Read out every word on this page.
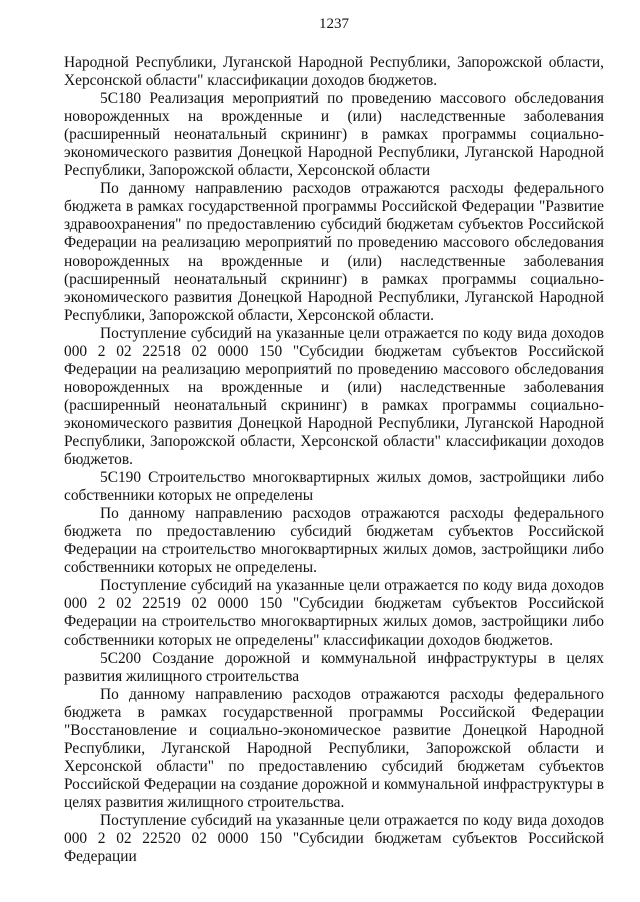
1237

Народной Республики, Луганской Народной Республики, Запорожской области, Херсонской области" классификации доходов бюджетов.

5С180 Реализация мероприятий по проведению массового обследования новорожденных на врожденные и (или) наследственные заболевания (расширенный неонатальный скрининг) в рамках программы социально-экономического развития Донецкой Народной Республики, Луганской Народной Республики, Запорожской области, Херсонской области

По данному направлению расходов отражаются расходы федерального бюджета в рамках государственной программы Российской Федерации "Развитие здравоохранения" по предоставлению субсидий бюджетам субъектов Российской Федерации на реализацию мероприятий по проведению массового обследования новорожденных на врожденные и (или) наследственные заболевания (расширенный неонатальный скрининг) в рамках программы социально-экономического развития Донецкой Народной Республики, Луганской Народной Республики, Запорожской области, Херсонской области.

Поступление субсидий на указанные цели отражается по коду вида доходов 000 2 02 22518 02 0000 150 "Субсидии бюджетам субъектов Российской Федерации на реализацию мероприятий по проведению массового обследования новорожденных на врожденные и (или) наследственные заболевания (расширенный неонатальный скрининг) в рамках программы социально-экономического развития Донецкой Народной Республики, Луганской Народной Республики, Запорожской области, Херсонской области" классификации доходов бюджетов.

5С190 Строительство многоквартирных жилых домов, застройщики либо собственники которых не определены

По данному направлению расходов отражаются расходы федерального бюджета по предоставлению субсидий бюджетам субъектов Российской Федерации на строительство многоквартирных жилых домов, застройщики либо собственники которых не определены.

Поступление субсидий на указанные цели отражается по коду вида доходов 000 2 02 22519 02 0000 150 "Субсидии бюджетам субъектов Российской Федерации на строительство многоквартирных жилых домов, застройщики либо собственники которых не определены" классификации доходов бюджетов.

5С200 Создание дорожной и коммунальной инфраструктуры в целях развития жилищного строительства

По данному направлению расходов отражаются расходы федерального бюджета в рамках государственной программы Российской Федерации "Восстановление и социально-экономическое развитие Донецкой Народной Республики, Луганской Народной Республики, Запорожской области и Херсонской области" по предоставлению субсидий бюджетам субъектов Российской Федерации на создание дорожной и коммунальной инфраструктуры в целях развития жилищного строительства.

Поступление субсидий на указанные цели отражается по коду вида доходов 000 2 02 22520 02 0000 150 "Субсидии бюджетам субъектов Российской Федерации
